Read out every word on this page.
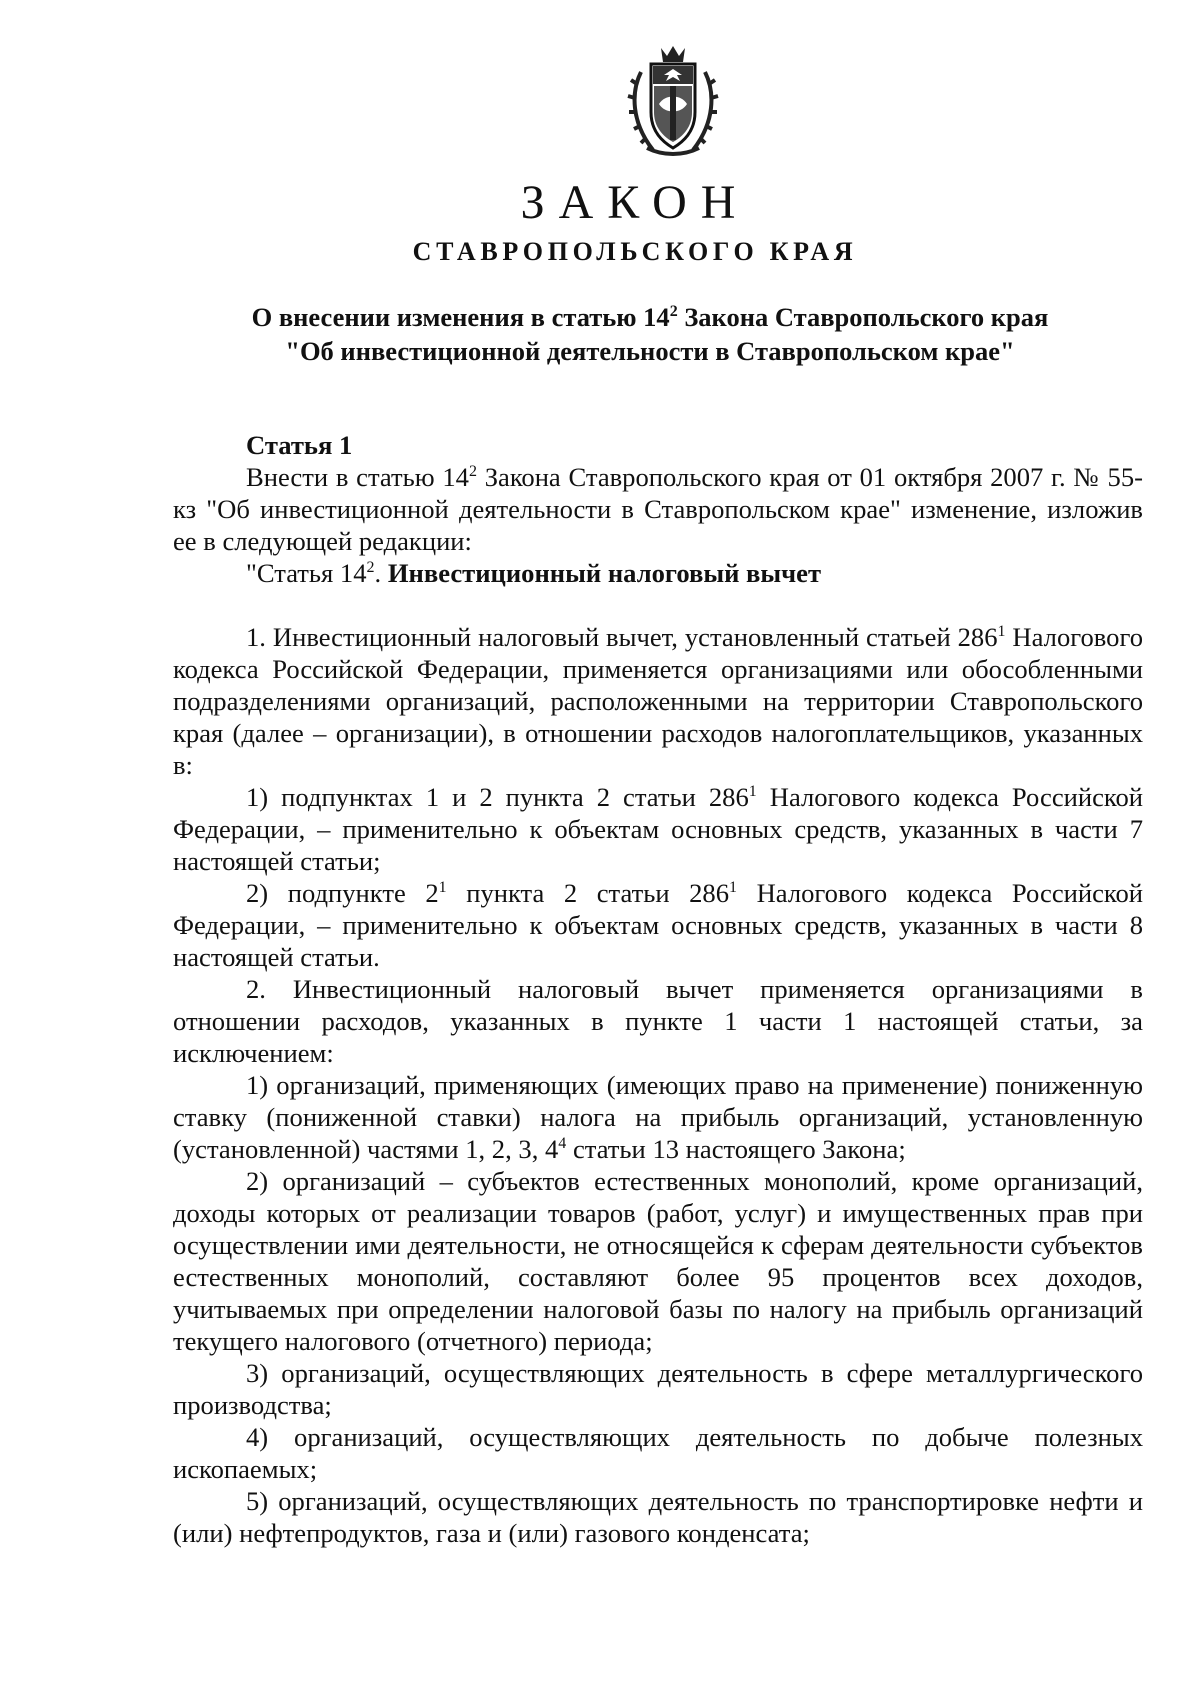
ЗАКОН
СТАВРОПОЛЬСКОГО КРАЯ
О внесении изменения в статью $14^2$ Закона Ставропольского края
"Об инвестиционной деятельности в Ставропольском крае"

Статья 1

Внести в статью $14^2$ Закона Ставропольского края от 01 октября 2007 г. № 55-кз "Об инвестиционной деятельности в Ставропольском крае" изменение, изложив ее в следующей редакции:

"Статья $14^2$. Инвестиционный налоговый вычет

1. Инвестиционный налоговый вычет, установленный статьей $286^1$ Налогового кодекса Российской Федерации, применяется организациями или обособленными подразделениями организаций, расположенными на территории Ставропольского края (далее – организации), в отношении расходов налогоплательщиков, указанных в:

1) подпунктах 1 и 2 пункта 2 статьи $286^1$ Налогового кодекса Российской Федерации, – применительно к объектам основных средств, указанных в части 7 настоящей статьи;

2) подпункте $2^1$ пункта 2 статьи $286^1$ Налогового кодекса Российской Федерации, – применительно к объектам основных средств, указанных в части 8 настоящей статьи.

2. Инвестиционный налоговый вычет применяется организациями в отношении расходов, указанных в пункте 1 части 1 настоящей статьи, за исключением:

1) организаций, применяющих (имеющих право на применение) пониженную ставку (пониженной ставки) налога на прибыль организаций, установленную (установленной) частями 1, 2, 3, $4^4$ статьи 13 настоящего Закона;

2) организаций – субъектов естественных монополий, кроме организаций, доходы которых от реализации товаров (работ, услуг) и имущественных прав при осуществлении ими деятельности, не относящейся к сферам деятельности субъектов естественных монополий, составляют более 95 процентов всех доходов, учитываемых при определении налоговой базы по налогу на прибыль организаций текущего налогового (отчетного) периода;

3) организаций, осуществляющих деятельность в сфере металлургического производства;

4) организаций, осуществляющих деятельность по добыче полезных ископаемых;

5) организаций, осуществляющих деятельность по транспортировке нефти и (или) нефтепродуктов, газа и (или) газового конденсата;
